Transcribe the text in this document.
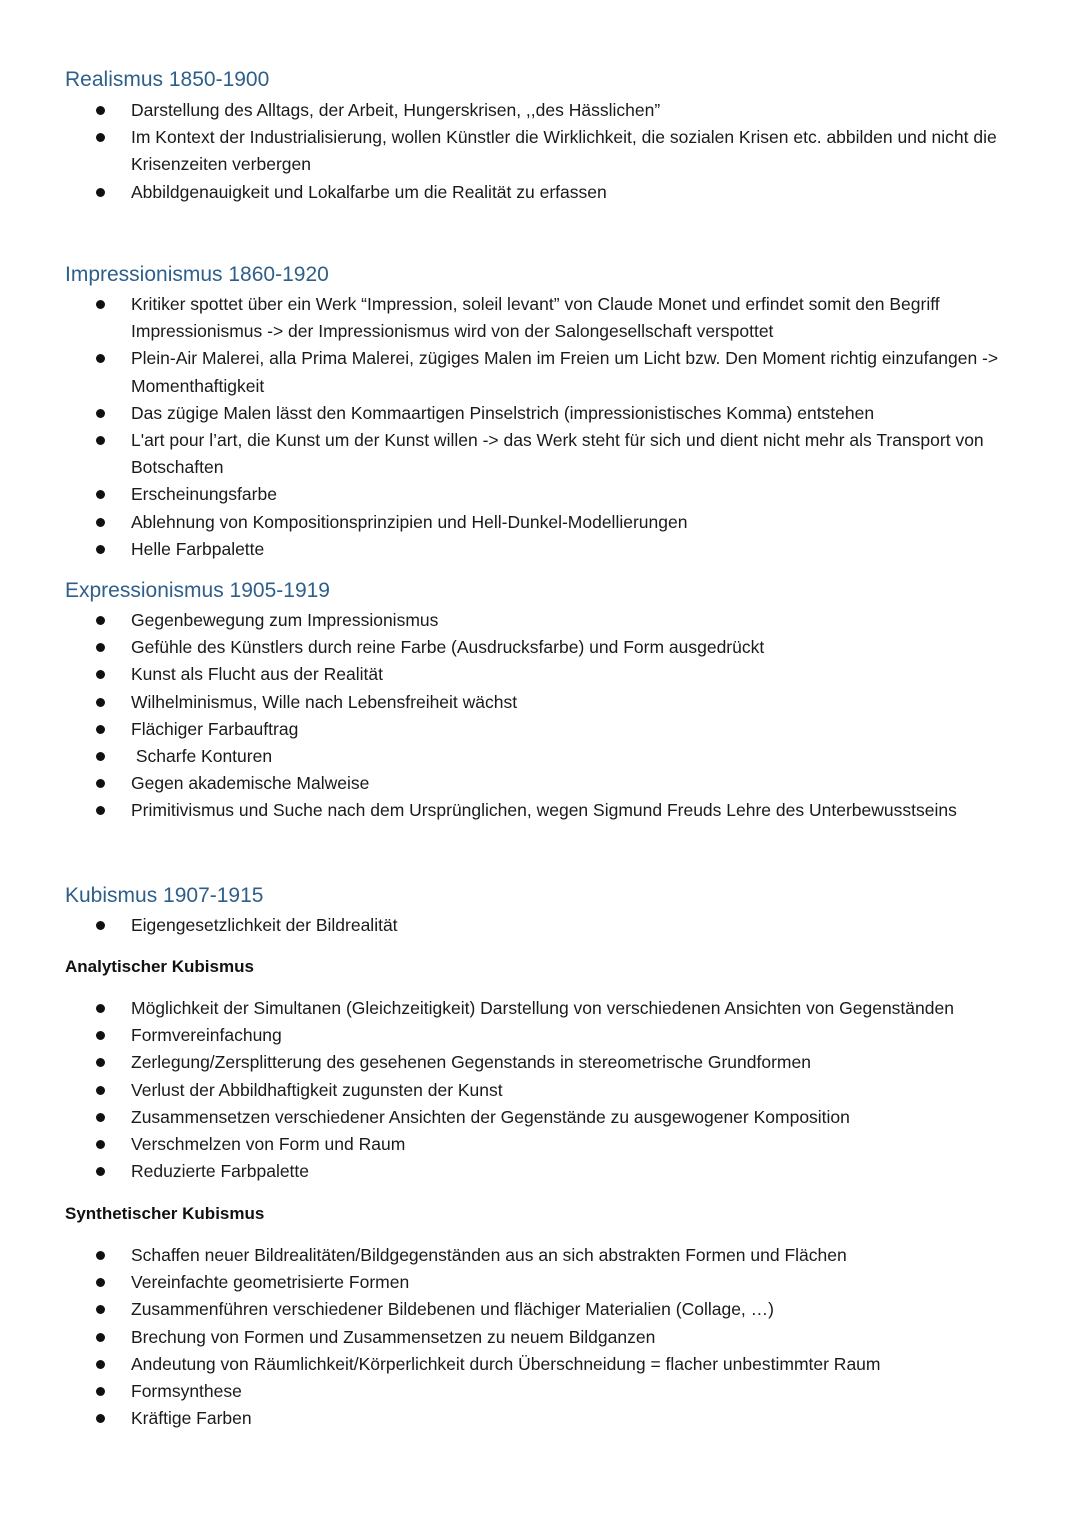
Realismus 1850-1900
Darstellung des Alltags, der Arbeit, Hungerskrisen, ,,des Hässlichen”
Im Kontext der Industrialisierung, wollen Künstler die Wirklichkeit, die sozialen Krisen etc. abbilden und nicht die Krisenzeiten verbergen
Abbildgenauigkeit und Lokalfarbe um die Realität zu erfassen
Impressionismus 1860-1920
Kritiker spottet über ein Werk “Impression, soleil levant” von Claude Monet und erfindet somit den Begriff Impressionismus -> der Impressionismus wird von der Salongesellschaft verspottet
Plein-Air Malerei, alla Prima Malerei, zügiges Malen im Freien um Licht bzw. Den Moment richtig einzufangen -> Momenthaftigkeit
Das zügige Malen lässt den Kommaartigen Pinselstrich (impressionistisches Komma) entstehen
L'art pour l’art, die Kunst um der Kunst willen -> das Werk steht für sich und dient nicht mehr als Transport von Botschaften
Erscheinungsfarbe
Ablehnung von Kompositionsprinzipien und Hell-Dunkel-Modellierungen
Helle Farbpalette
Expressionismus 1905-1919
Gegenbewegung zum Impressionismus
Gefühle des Künstlers durch reine Farbe (Ausdrucksfarbe) und Form ausgedrückt
Kunst als Flucht aus der Realität
Wilhelminismus, Wille nach Lebensfreiheit wächst
Flächiger Farbauftrag
Scharfe Konturen
Gegen akademische Malweise
Primitivismus und Suche nach dem Ursprünglichen, wegen Sigmund Freuds Lehre des Unterbewusstseins
Kubismus 1907-1915
Eigengesetzlichkeit der Bildrealität
Analytischer Kubismus
Möglichkeit der Simultanen (Gleichzeitigkeit) Darstellung von verschiedenen Ansichten von Gegenständen
Formvereinfachung
Zerlegung/Zersplitterung des gesehenen Gegenstands in stereometrische Grundformen
Verlust der Abbildhaftigkeit zugunsten der Kunst
Zusammensetzen verschiedener Ansichten der Gegenstände zu ausgewogener Komposition
Verschmelzen von Form und Raum
Reduzierte Farbpalette
Synthetischer Kubismus
Schaffen neuer Bildrealitäten/Bildgegenständen aus an sich abstrakten Formen und Flächen
Vereinfachte geometrisierte Formen
Zusammenführen verschiedener Bildebenen und flächiger Materialien (Collage, …)
Brechung von Formen und Zusammensetzen zu neuem Bildganzen
Andeutung von Räumlichkeit/Körperlichkeit durch Überschneidung = flacher unbestimmter Raum
Formsynthese
Kräftige Farben
